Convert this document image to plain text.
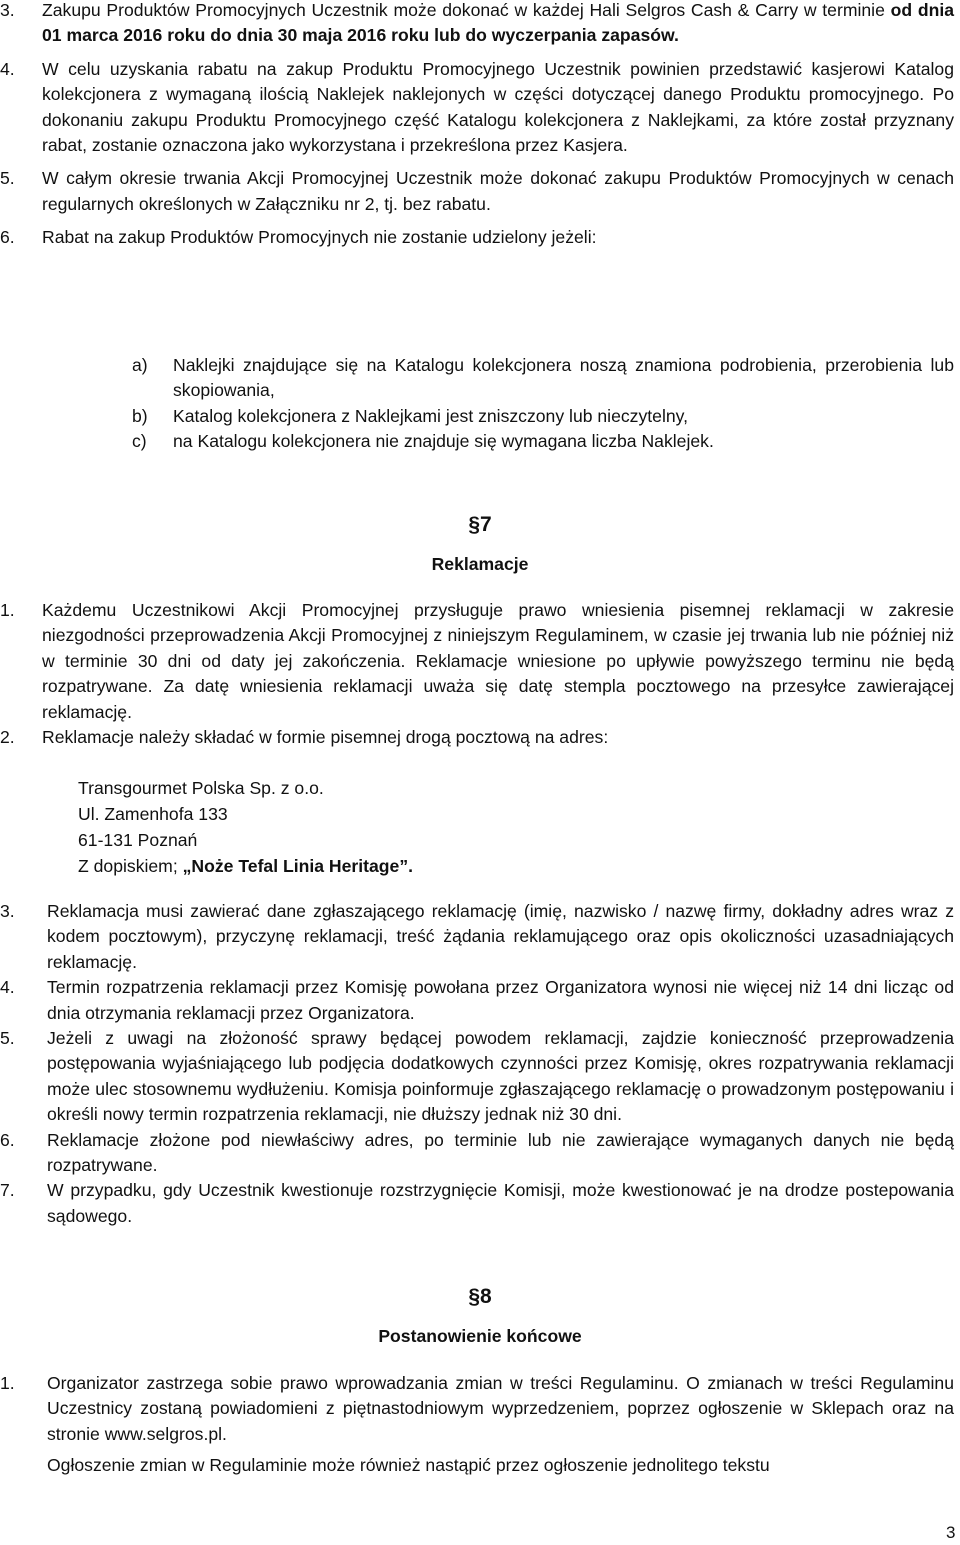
3. Zakupu Produktów Promocyjnych Uczestnik może dokonać w każdej Hali Selgros Cash & Carry w terminie od dnia 01 marca 2016 roku do dnia 30 maja 2016 roku lub do wyczerpania zapasów.
4. W celu uzyskania rabatu na zakup Produktu Promocyjnego Uczestnik powinien przedstawić kasjerowi Katalog kolekcjonera z wymaganą ilością Naklejek naklejonych w części dotyczącej danego Produktu promocyjnego. Po dokonaniu zakupu Produktu Promocyjnego część Katalogu kolekcjonera z Naklejkami, za które został przyznany rabat, zostanie oznaczona jako wykorzystana i przekreślona przez Kasjera.
5. W całym okresie trwania Akcji Promocyjnej Uczestnik może dokonać zakupu Produktów Promocyjnych w cenach regularnych określonych w Załączniku nr 2, tj. bez rabatu.
6. Rabat na zakup Produktów Promocyjnych nie zostanie udzielony jeżeli:
a) Naklejki znajdujące się na Katalogu kolekcjonera noszą znamiona podrobienia, przerobienia lub skopiowania,
b) Katalog kolekcjonera z Naklejkami jest zniszczony lub nieczytelny,
c) na Katalogu kolekcjonera nie znajduje się wymagana liczba Naklejek.
§7
Reklamacje
1. Każdemu Uczestnikowi Akcji Promocyjnej przysługuje prawo wniesienia pisemnej reklamacji w zakresie niezgodności przeprowadzenia Akcji Promocyjnej z niniejszym Regulaminem, w czasie jej trwania lub nie później niż w terminie 30 dni od daty jej zakończenia. Reklamacje wniesione po upływie powyższego terminu nie będą rozpatrywane. Za datę wniesienia reklamacji uważa się datę stempla pocztowego na przesyłce zawierającej reklamację.
2. Reklamacje należy składać w formie pisemnej drogą pocztową na adres:
Transgourmet Polska Sp. z o.o.
Ul. Zamenhofa 133
61-131 Poznań
Z dopiskiem; „Noże Tefal Linia Heritage”.
3. Reklamacja musi zawierać dane zgłaszającego reklamację (imię, nazwisko / nazwę firmy, dokładny adres wraz z kodem pocztowym), przyczynę reklamacji, treść żądania reklamującego oraz opis okoliczności uzasadniających reklamację.
4. Termin rozpatrzenia reklamacji przez Komisję powołana przez Organizatora wynosi nie więcej niż 14 dni licząc od dnia otrzymania reklamacji przez Organizatora.
5. Jeżeli z uwagi na złożoność sprawy będącej powodem reklamacji, zajdzie konieczność przeprowadzenia postępowania wyjaśniającego lub podjęcia dodatkowych czynności przez Komisję, okres rozpatrywania reklamacji może ulec stosownemu wydłużeniu. Komisja poinformuje zgłaszającego reklamację o prowadzonym postępowaniu i określi nowy termin rozpatrzenia reklamacji, nie dłuższy jednak niż 30 dni.
6. Reklamacje złożone pod niewłaściwy adres, po terminie lub nie zawierające wymaganych danych nie będą rozpatrywane.
7. W przypadku, gdy Uczestnik kwestionuje rozstrzygnięcie Komisji, może kwestionować je na drodze postepowania sądowego.
§8
Postanowienie końcowe
1. Organizator zastrzega sobie prawo wprowadzania zmian w treści Regulaminu. O zmianach w treści Regulaminu Uczestnicy zostaną powiadomieni z piętnastodniowym wyprzedzeniem, poprzez ogłoszenie w Sklepach oraz na stronie www.selgros.pl.
Ogłoszenie zmian w Regulaminie może również nastąpić przez ogłoszenie jednolitego tekstu
3
